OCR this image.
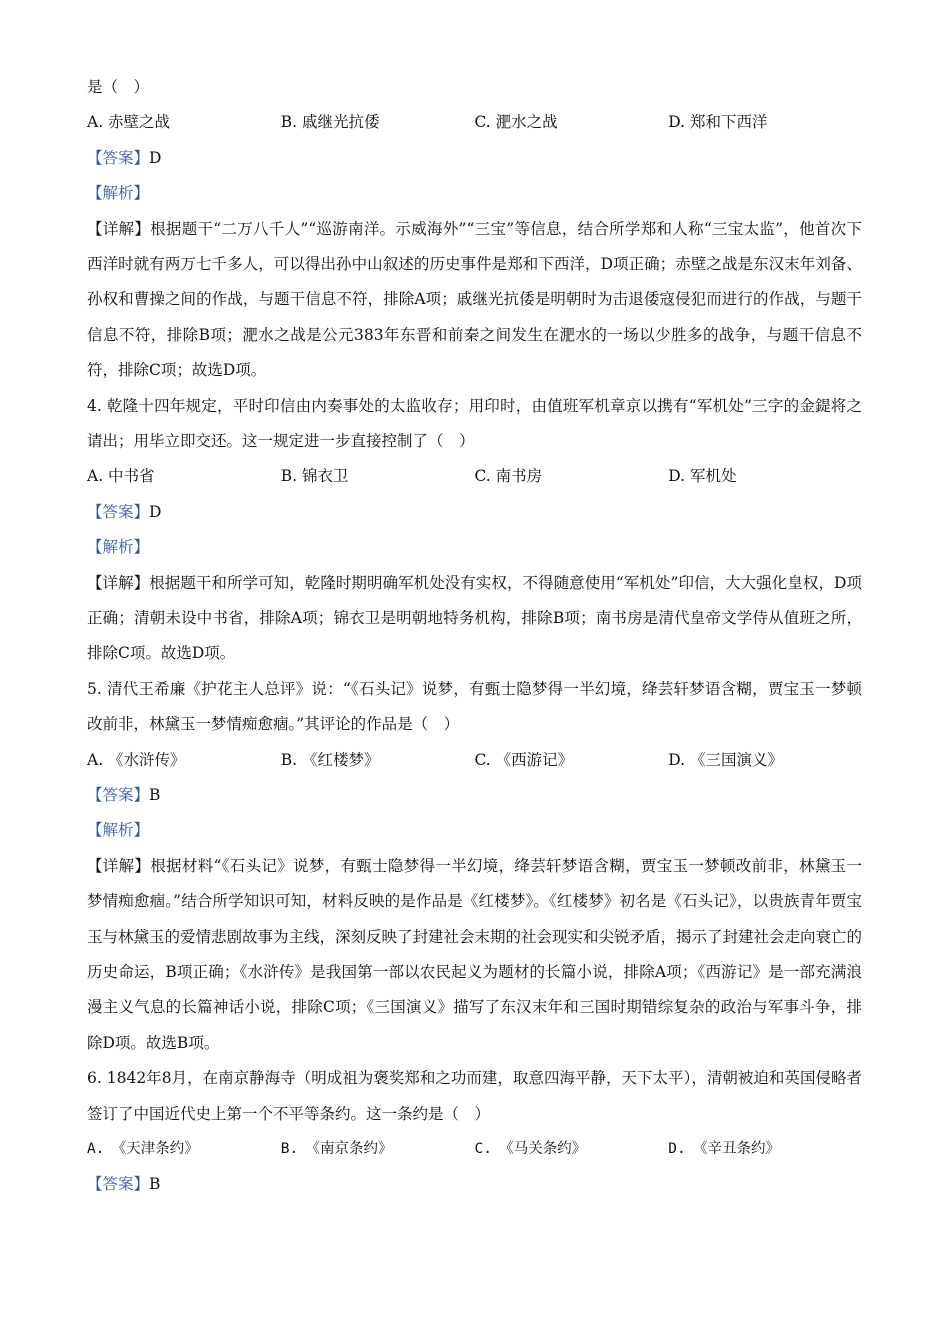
是（　）
A. 赤壁之战	B. 戚继光抗倭	C. 淝水之战	D. 郑和下西洋
【答案】D
【解析】
【详解】根据题干“二万八千人”“巡游南洋。示威海外”“三宝”等信息，结合所学郑和人称“三宝太监”，他首次下西洋时就有两万七千多人，可以得出孙中山叙述的历史事件是郑和下西洋，D项正确；赤壁之战是东汉末年刘备、孙权和曹操之间的作战，与题干信息不符，排除A项；戚继光抗倭是明朝时为击退倭寇侵犯而进行的作战，与题干信息不符，排除B项；淝水之战是公元383年东晋和前秦之间发生在淝水的一场以少胜多的战争，与题干信息不符，排除C项；故选D项。
4. 乾隆十四年规定，平时印信由内奏事处的太监收存；用印时，由值班军机章京以携有“军机处”三字的金鍉将之请出；用毕立即交还。这一规定进一步直接控制了（　）
A. 中书省	B. 锦衣卫	C. 南书房	D. 军机处
【答案】D
【解析】
【详解】根据题干和所学可知，乾隆时期明确军机处没有实权，不得随意使用“军机处”印信，大大强化皇权，D项正确；清朝未设中书省，排除A项；锦衣卫是明朝地特务机构，排除B项；南书房是清代皇帝文学侍从值班之所，排除C项。故选D项。
5. 清代王希廉《护花主人总评》说：“《石头记》说梦，有甄士隐梦得一半幻境，绛芸轩梦语含糊，贾宝玉一梦顿改前非，林黛玉一梦情痴愈痼。”其评论的作品是（　）
A. 《水浒传》	B. 《红楼梦》	C. 《西游记》	D. 《三国演义》
【答案】B
【解析】
【详解】根据材料“《石头记》说梦，有甄士隐梦得一半幻境，绛芸轩梦语含糊，贾宝玉一梦顿改前非，林黛玉一梦情痴愈痼。”结合所学知识可知，材料反映的是作品是《红楼梦》。《红楼梦》初名是《石头记》，以贵族青年贾宝玉与林黛玉的爱情悲剧故事为主线，深刻反映了封建社会末期的社会现实和尖锐矛盾，揭示了封建社会走向衰亡的历史命运，B项正确；《水浒传》是我国第一部以农民起义为题材的长篇小说，排除A项；《西游记》是一部充满浪漫主义气息的长篇神话小说，排除C项；《三国演义》描写了东汉末年和三国时期错综复杂的政治与军事斗争，排除D项。故选B项。
6. 1842年8月，在南京静海寺（明成祖为褒奖郑和之功而建，取意四海平静，天下太平），清朝被迫和英国侵略者签订了中国近代史上第一个不平等条约。这一条约是（　）
A.　《天津条约》	B.　《南京条约》	C.　《马关条约》	D.　《辛丑条约》
【答案】B
